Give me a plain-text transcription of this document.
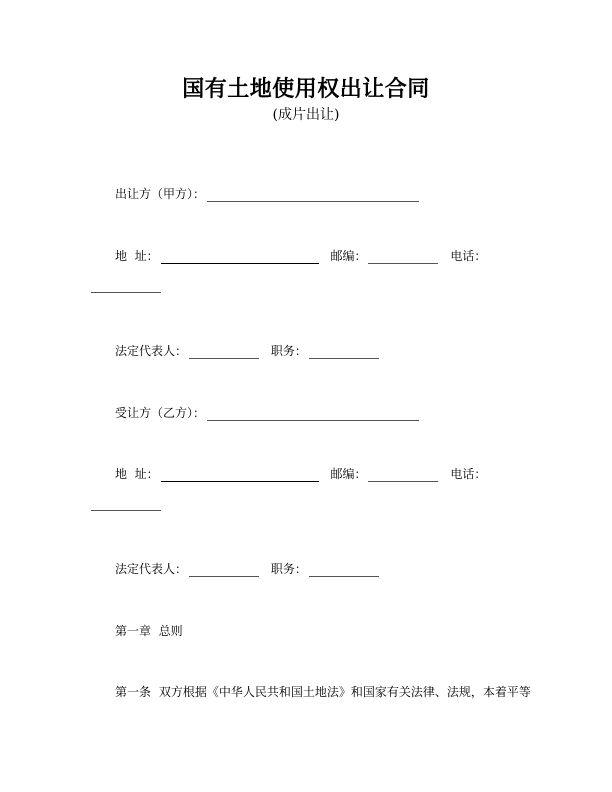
国有土地使用权出让合同
(成片出让)
出让方（甲方）：
地  址：	邮编：	电话：
法定代表人：	职务：
受让方（乙方）：
地  址：	邮编：	电话：
法定代表人：	职务：
第一章  总则
第一条 双方根据《中华人民共和国土地法》和国家有关法律、法规，本着平等
